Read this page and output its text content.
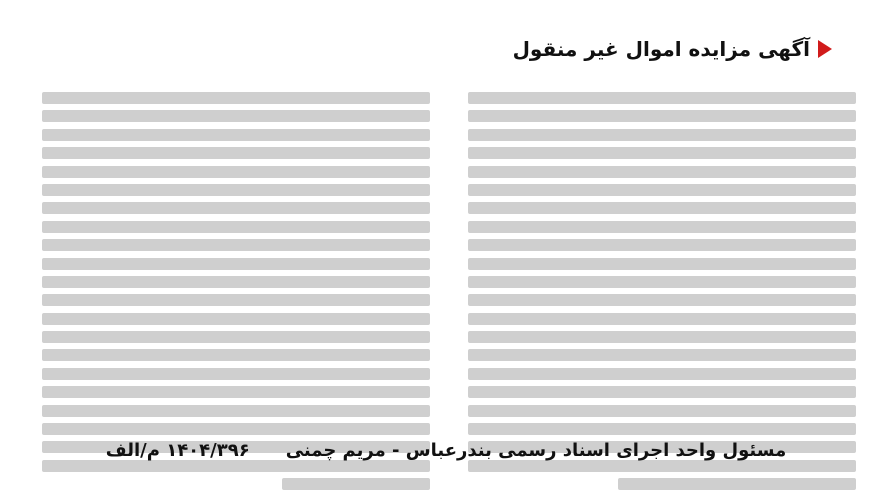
آگهی مزایده اموال غیر منقول
مسئول واحد اجرای اسناد رسمی بندرعباس - مریم چمنی
۱۴۰۴/۳۹۶ م/الف
